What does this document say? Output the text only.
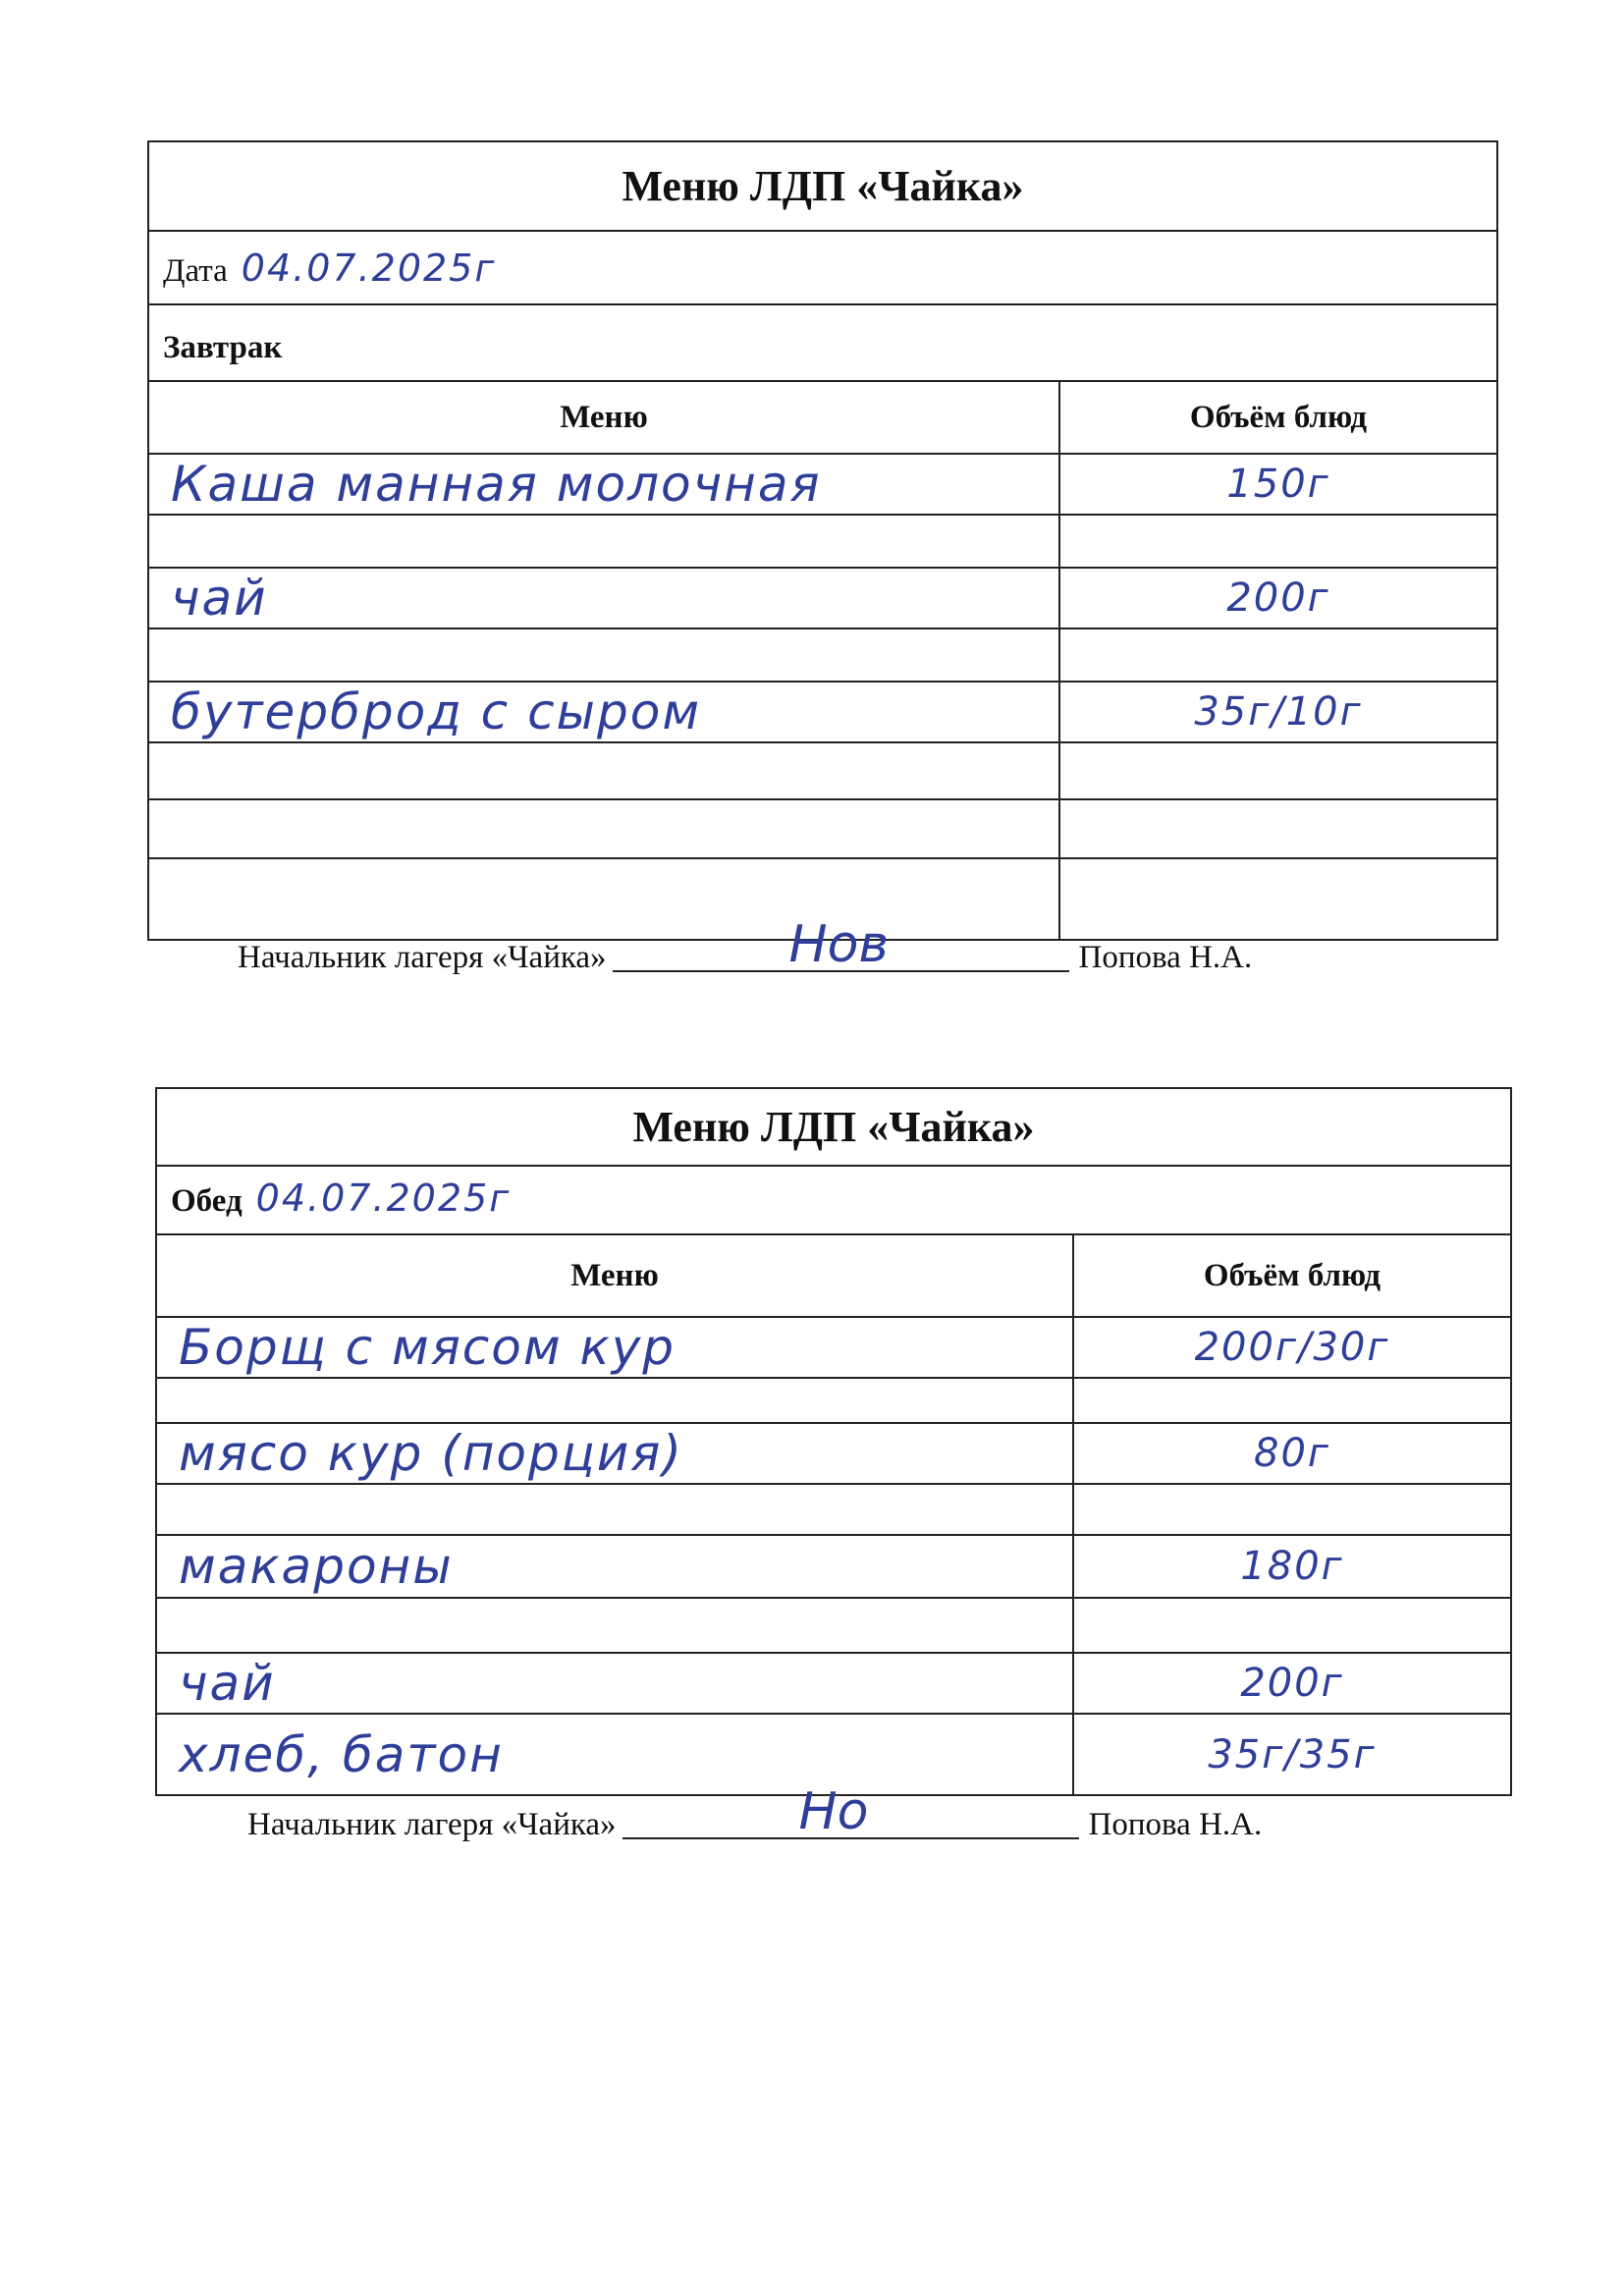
Меню ЛДП «Чайка»
Дата 04.07.2025г
Завтрак
Меню	Объём блюд
Каша манная молочная	150г

чай	200г

бутерброд с сыром	35г/10г

Начальник лагеря «Чайка»	Нов	Попова Н.А.
Меню ЛДП «Чайка»
Обед 04.07.2025г
Меню	Объём блюд
Борщ с мясом кур	200г/30г

мясо кур (порция)	80г

макароны	180г

чай	200г
хлеб, батон	35г/35г
Начальник лагеря «Чайка»	Но	Попова Н.А.
